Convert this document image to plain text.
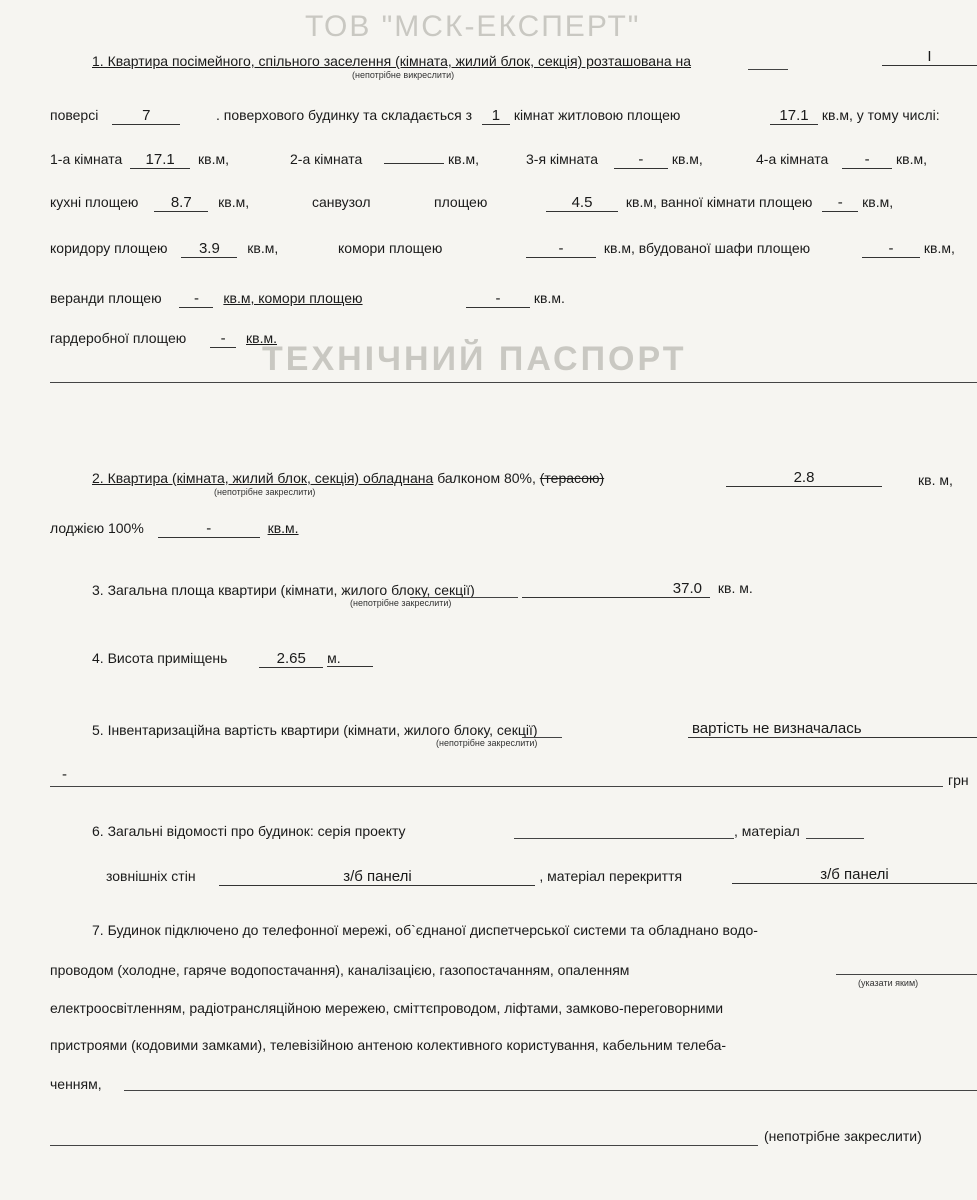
ТОВ "МСК-ЕКСПЕРТ"
ТЕХНІЧНИЙ ПАСПОРТ
1. Квартира посімейного, спільного заселення (кімната, жилий блок, секція) розташована на	I
(непотрібне викреслити)
поверсі	7	. поверхового будинку та складається з 1 кімнат житловою площею	17.1 кв.м, у тому числі:
1-а кімната 17.1 кв.м,	2-а кімната	кв.м,	3-я кімната	- кв.м,	4-а кімната - кв.м,
кухні площею 8.7 кв.м,	санвузол	площею	4.5 кв.м, ванної кімнати площею - кв.м,
коридору площею 3.9 кв.м,	комори площею	-	кв.м, вбудованої шафи площею	- кв.м,
веранди площею - кв.м, комори площею	- кв.м.
гардеробної площею - кв.м.
2. Квартира (кімната, жилий блок, секція) обладнана балконом 80%, (терасою)
(непотрібне закреслити)
2.8	кв. м,
лоджією 100%	-	кв.м.
3. Загальна площа квартири (кімнати, жилого блоку, секції)
(непотрібне закреслити)
37.0 кв. м.
4. Висота приміщень	2.65 м.
5. Інвентаризаційна вартість квартири (кімнати, жилого блоку, секції)
(непотрібне закреслити)
вартість не визначалась
-	грн
6. Загальні відомості про будинок: серія проекту	, матеріал
зовнішніх стін	з/б панелі	, матеріал перекриття	з/б панелі
7. Будинок підключено до телефонної мережі, об`єднаної диспетчерської системи та обладнано водо-
проводом (холодне, гаряче водопостачання), каналізацією, газопостачанням, опаленням
(указати яким)
електроосвітленням, радіотрансляційною мережею, сміттєпроводом, ліфтами, замково-переговорними
пристроями (кодовими замками), телевізійною антеною колективного користування, кабельним телеба-
ченням,
(непотрібне закреслити)
